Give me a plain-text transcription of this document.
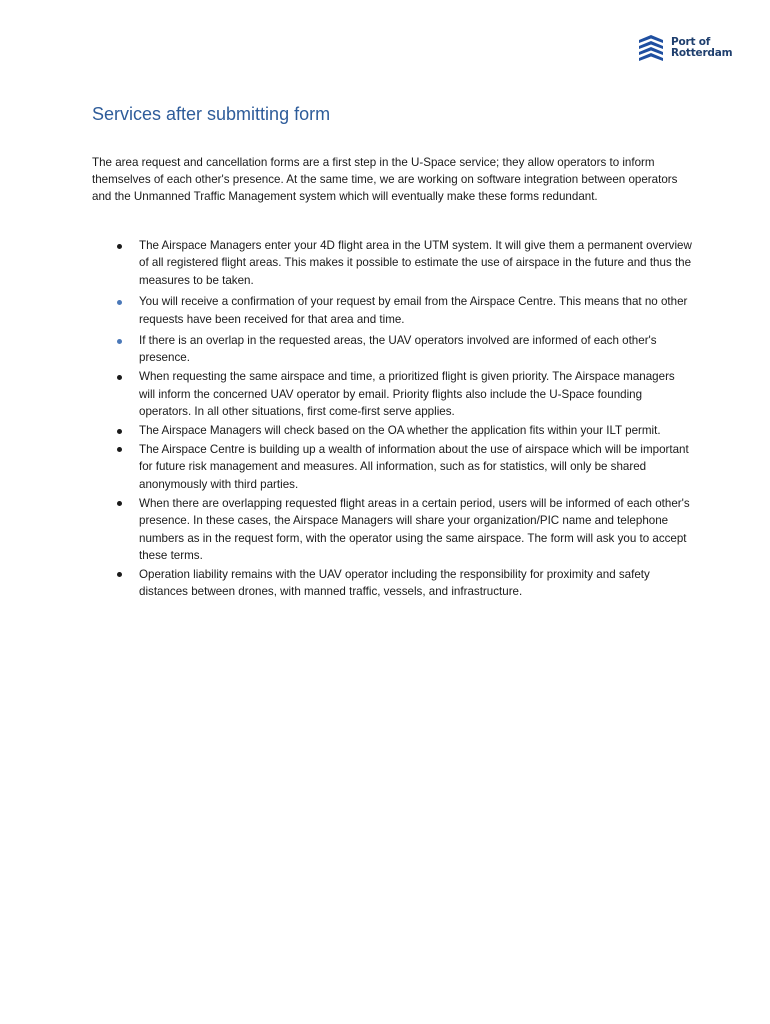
Port of
Rotterdam
Services after submitting form

The area request and cancellation forms are a first step in the U-Space service; they allow operators to inform themselves of each other's presence. At the same time, we are working on software integration between operators and the Unmanned Traffic Management system which will eventually make these forms redundant.

The Airspace Managers enter your 4D flight area in the UTM system. It will give them a permanent overview of all registered flight areas. This makes it possible to estimate the use of airspace in the future and thus the measures to be taken.
You will receive a confirmation of your request by email from the Airspace Centre. This means that no other requests have been received for that area and time.
If there is an overlap in the requested areas, the UAV operators involved are informed of each other's presence.
When requesting the same airspace and time, a prioritized flight is given priority. The Airspace managers will inform the concerned UAV operator by email. Priority flights also include the U-Space founding operators. In all other situations, first come-first serve applies.
The Airspace Managers will check based on the OA whether the application fits within your ILT permit.
The Airspace Centre is building up a wealth of information about the use of airspace which will be important for future risk management and measures. All information, such as for statistics, will only be shared anonymously with third parties.
When there are overlapping requested flight areas in a certain period, users will be informed of each other's presence. In these cases, the Airspace Managers will share your organization/PIC name and telephone numbers as in the request form, with the operator using the same airspace. The form will ask you to accept these terms.
Operation liability remains with the UAV operator including the responsibility for proximity and safety distances between drones, with manned traffic, vessels, and infrastructure.
